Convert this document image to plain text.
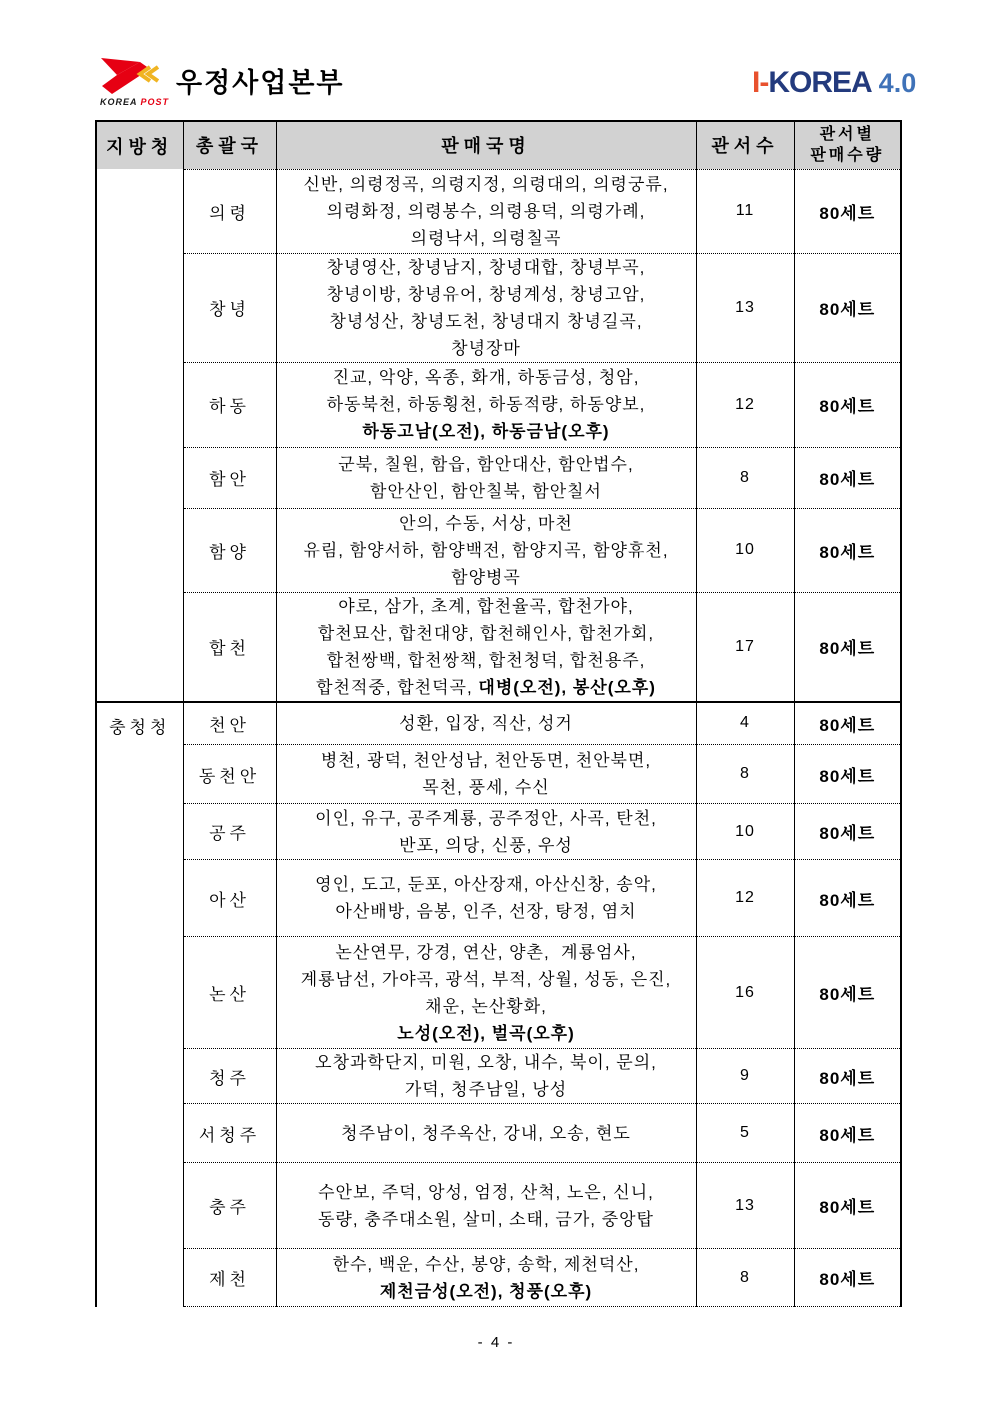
KOREA POST
우정사업본부	I-KOREA 4.0
지방청	총괄국	판매국명	관서수	관서별
판매수량

	의령	신반, 의령정곡, 의령지정, 의령대의, 의령궁류,
의령화정, 의령봉수, 의령용덕, 의령가례,
의령낙서, 의령칠곡	11	80세트
	창녕	창녕영산, 창녕남지, 창녕대합, 창녕부곡,
창녕이방, 창녕유어, 창녕계성, 창녕고암,
창녕성산, 창녕도천, 창녕대지 창녕길곡,
창녕장마	13	80세트
	하동	진교, 악양, 옥종, 화개, 하동금성, 청암,
하동북천, 하동횡천, 하동적량, 하동양보,
하동고남(오전), 하동금남(오후)	12	80세트
	함안	군북, 칠원, 함읍, 함안대산, 함안법수,
함안산인, 함안칠북, 함안칠서	8	80세트
	함양	안의, 수동, 서상, 마천
유림, 함양서하, 함양백전, 함양지곡, 함양휴천,
함양병곡	10	80세트
	합천	야로, 삼가, 초계, 합천율곡, 합천가야,
합천묘산, 합천대양, 합천해인사, 합천가회,
합천쌍백, 합천쌍책, 합천청덕, 합천용주,
합천적중, 합천덕곡, 대병(오전), 봉산(오후)	17	80세트
충청청	천안	성환, 입장, 직산, 성거	4	80세트
	동천안	병천, 광덕, 천안성남, 천안동면, 천안북면,
목천, 풍세, 수신	8	80세트
	공주	이인, 유구, 공주계룡, 공주정안, 사곡, 탄천,
반포, 의당, 신풍, 우성	10	80세트
	아산	영인, 도고, 둔포, 아산장재, 아산신창, 송악,
아산배방, 음봉, 인주, 선장, 탕정, 염치	12	80세트
	논산	논산연무, 강경, 연산, 양촌,  계룡엄사,
계룡남선, 가야곡, 광석, 부적, 상월, 성동, 은진,
채운, 논산황화,
노성(오전), 벌곡(오후)	16	80세트
	청주	오창과학단지, 미원, 오창, 내수, 북이, 문의,
가덕, 청주남일, 낭성	9	80세트
	서청주	청주남이, 청주옥산, 강내, 오송, 현도	5	80세트
	충주	수안보, 주덕, 앙성, 엄정, 산척, 노은, 신니,
동량, 충주대소원, 살미, 소태, 금가, 중앙탑	13	80세트
	제천	한수, 백운, 수산, 봉양, 송학, 제천덕산,
제천금성(오전), 청풍(오후)	8	80세트
- 4 -
